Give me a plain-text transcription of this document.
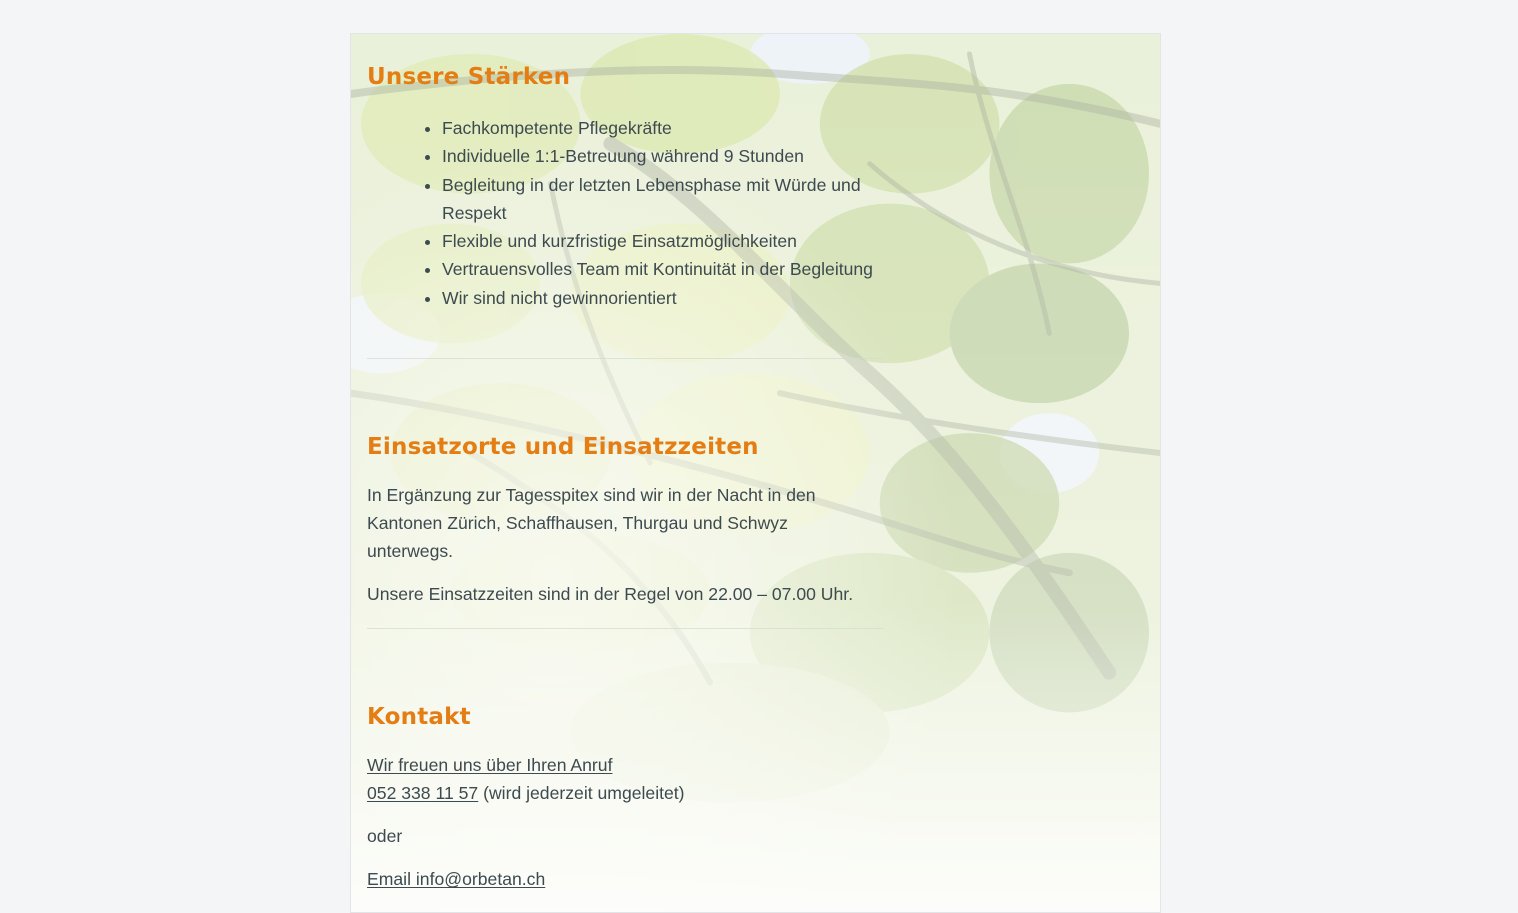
Unsere Stärken
• Fachkompetente Pflegekräfte
• Individuelle 1:1-Betreuung während 9 Stunden
• Begleitung in der letzten Lebensphase mit Würde und Respekt
• Flexible und kurzfristige Einsatzmöglichkeiten
• Vertrauensvolles Team mit Kontinuität in der Begleitung
• Wir sind nicht gewinnorientiert
Einsatzorte und Einsatzzeiten

In Ergänzung zur Tagesspitex sind wir in der Nacht in den Kantonen Zürich, Schaffhausen, Thurgau und Schwyz unterwegs.

Unsere Einsatzzeiten sind in der Regel von 22.00 – 07.00 Uhr.

Kontakt

Wir freuen uns über Ihren Anruf
052 338 11 57 (wird jederzeit umgeleitet)

oder

Email info@orbetan.ch
